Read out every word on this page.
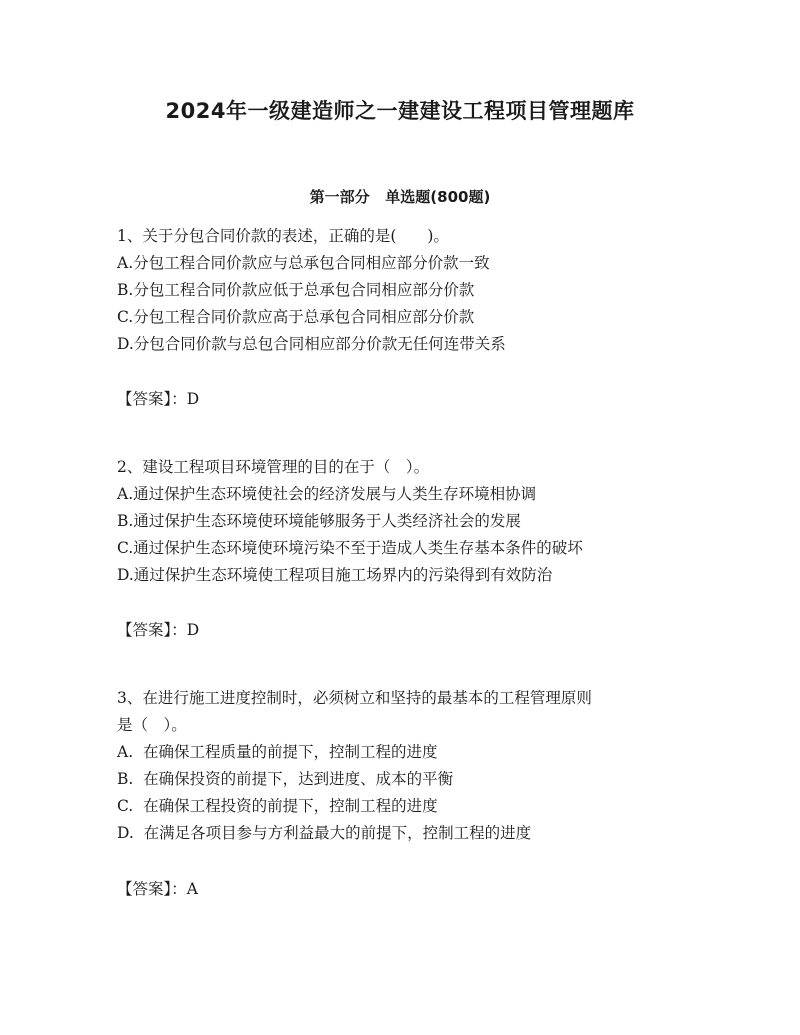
2024年一级建造师之一建建设工程项目管理题库
第一部分   单选题(800题)

1、关于分包合同价款的表述，正确的是(　　)。

A.分包工程合同价款应与总承包合同相应部分价款一致

B.分包工程合同价款应低于总承包合同相应部分价款

C.分包工程合同价款应高于总承包合同相应部分价款

D.分包合同价款与总包合同相应部分价款无任何连带关系

【答案】：D

2、建设工程项目环境管理的目的在于（　）。

A.通过保护生态环境使社会的经济发展与人类生存环境相协调

B.通过保护生态环境使环境能够服务于人类经济社会的发展

C.通过保护生态环境使环境污染不至于造成人类生存基本条件的破坏

D.通过保护生态环境使工程项目施工场界内的污染得到有效防治

【答案】：D

3、在进行施工进度控制时，必须树立和坚持的最基本的工程管理原则

是（　）。

A.  在确保工程质量的前提下，控制工程的进度

B.  在确保投资的前提下，达到进度、成本的平衡

C.  在确保工程投资的前提下，控制工程的进度

D.  在满足各项目参与方利益最大的前提下，控制工程的进度

【答案】：A
